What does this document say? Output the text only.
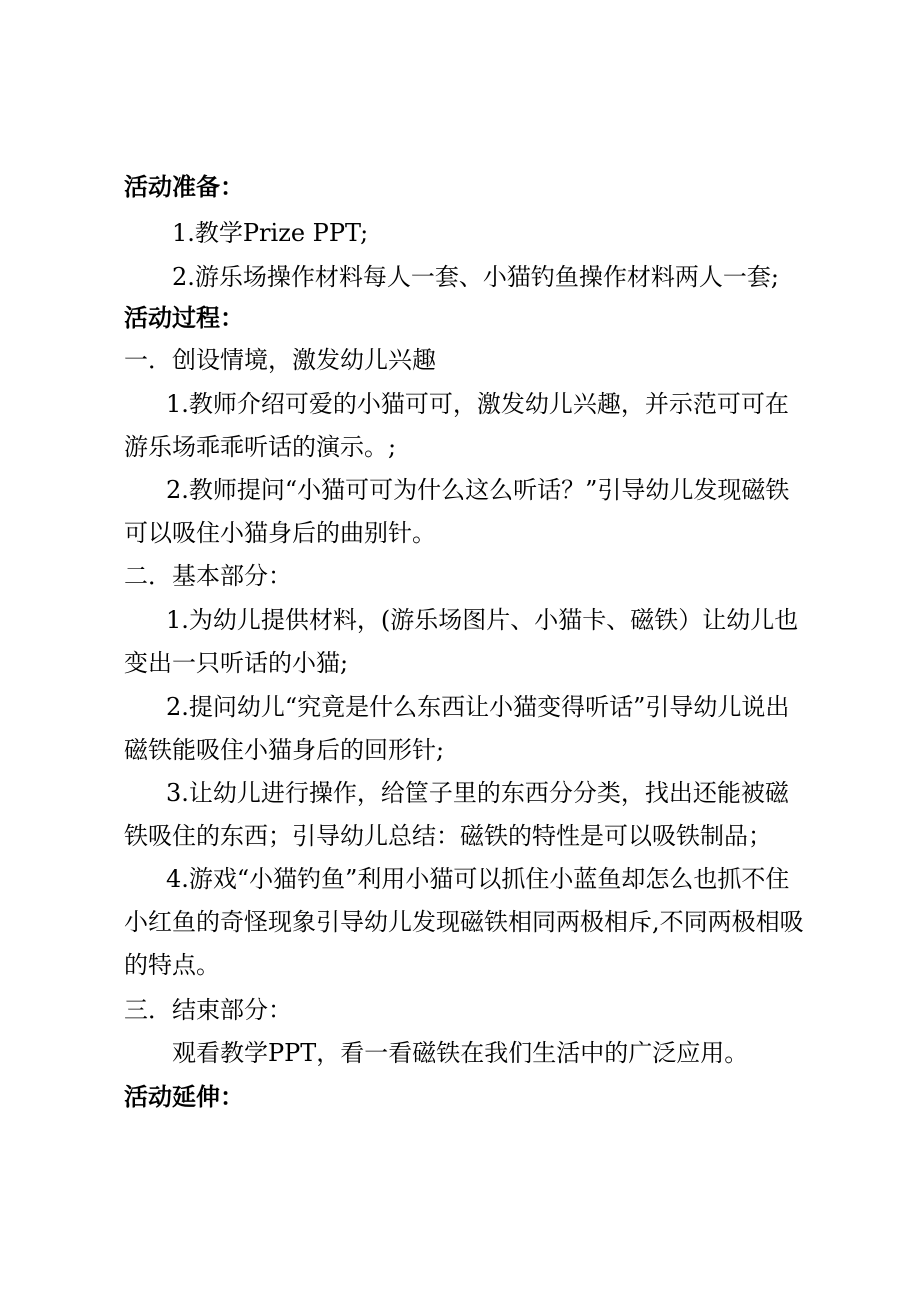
活动准备：
1.教学Prize PPT;
2.游乐场操作材料每人一套、小猫钓鱼操作材料两人一套;
活动过程：
一．创设情境，激发幼儿兴趣
1.教师介绍可爱的小猫可可，激发幼儿兴趣，并示范可可在游乐场乖乖听话的演示。;
2.教师提问“小猫可可为什么这么听话？”引导幼儿发现磁铁可以吸住小猫身后的曲别针。
二．基本部分：
1.为幼儿提供材料，(游乐场图片、小猫卡、磁铁）让幼儿也变出一只听话的小猫;
2.提问幼儿“究竟是什么东西让小猫变得听话”引导幼儿说出磁铁能吸住小猫身后的回形针;
3.让幼儿进行操作，给筐子里的东西分分类，找出还能被磁铁吸住的东西；引导幼儿总结：磁铁的特性是可以吸铁制品；
4.游戏“小猫钓鱼”利用小猫可以抓住小蓝鱼却怎么也抓不住小红鱼的奇怪现象引导幼儿发现磁铁相同两极相斥,不同两极相吸的特点。
三．结束部分：
观看教学PPT，看一看磁铁在我们生活中的广泛应用。
活动延伸：
